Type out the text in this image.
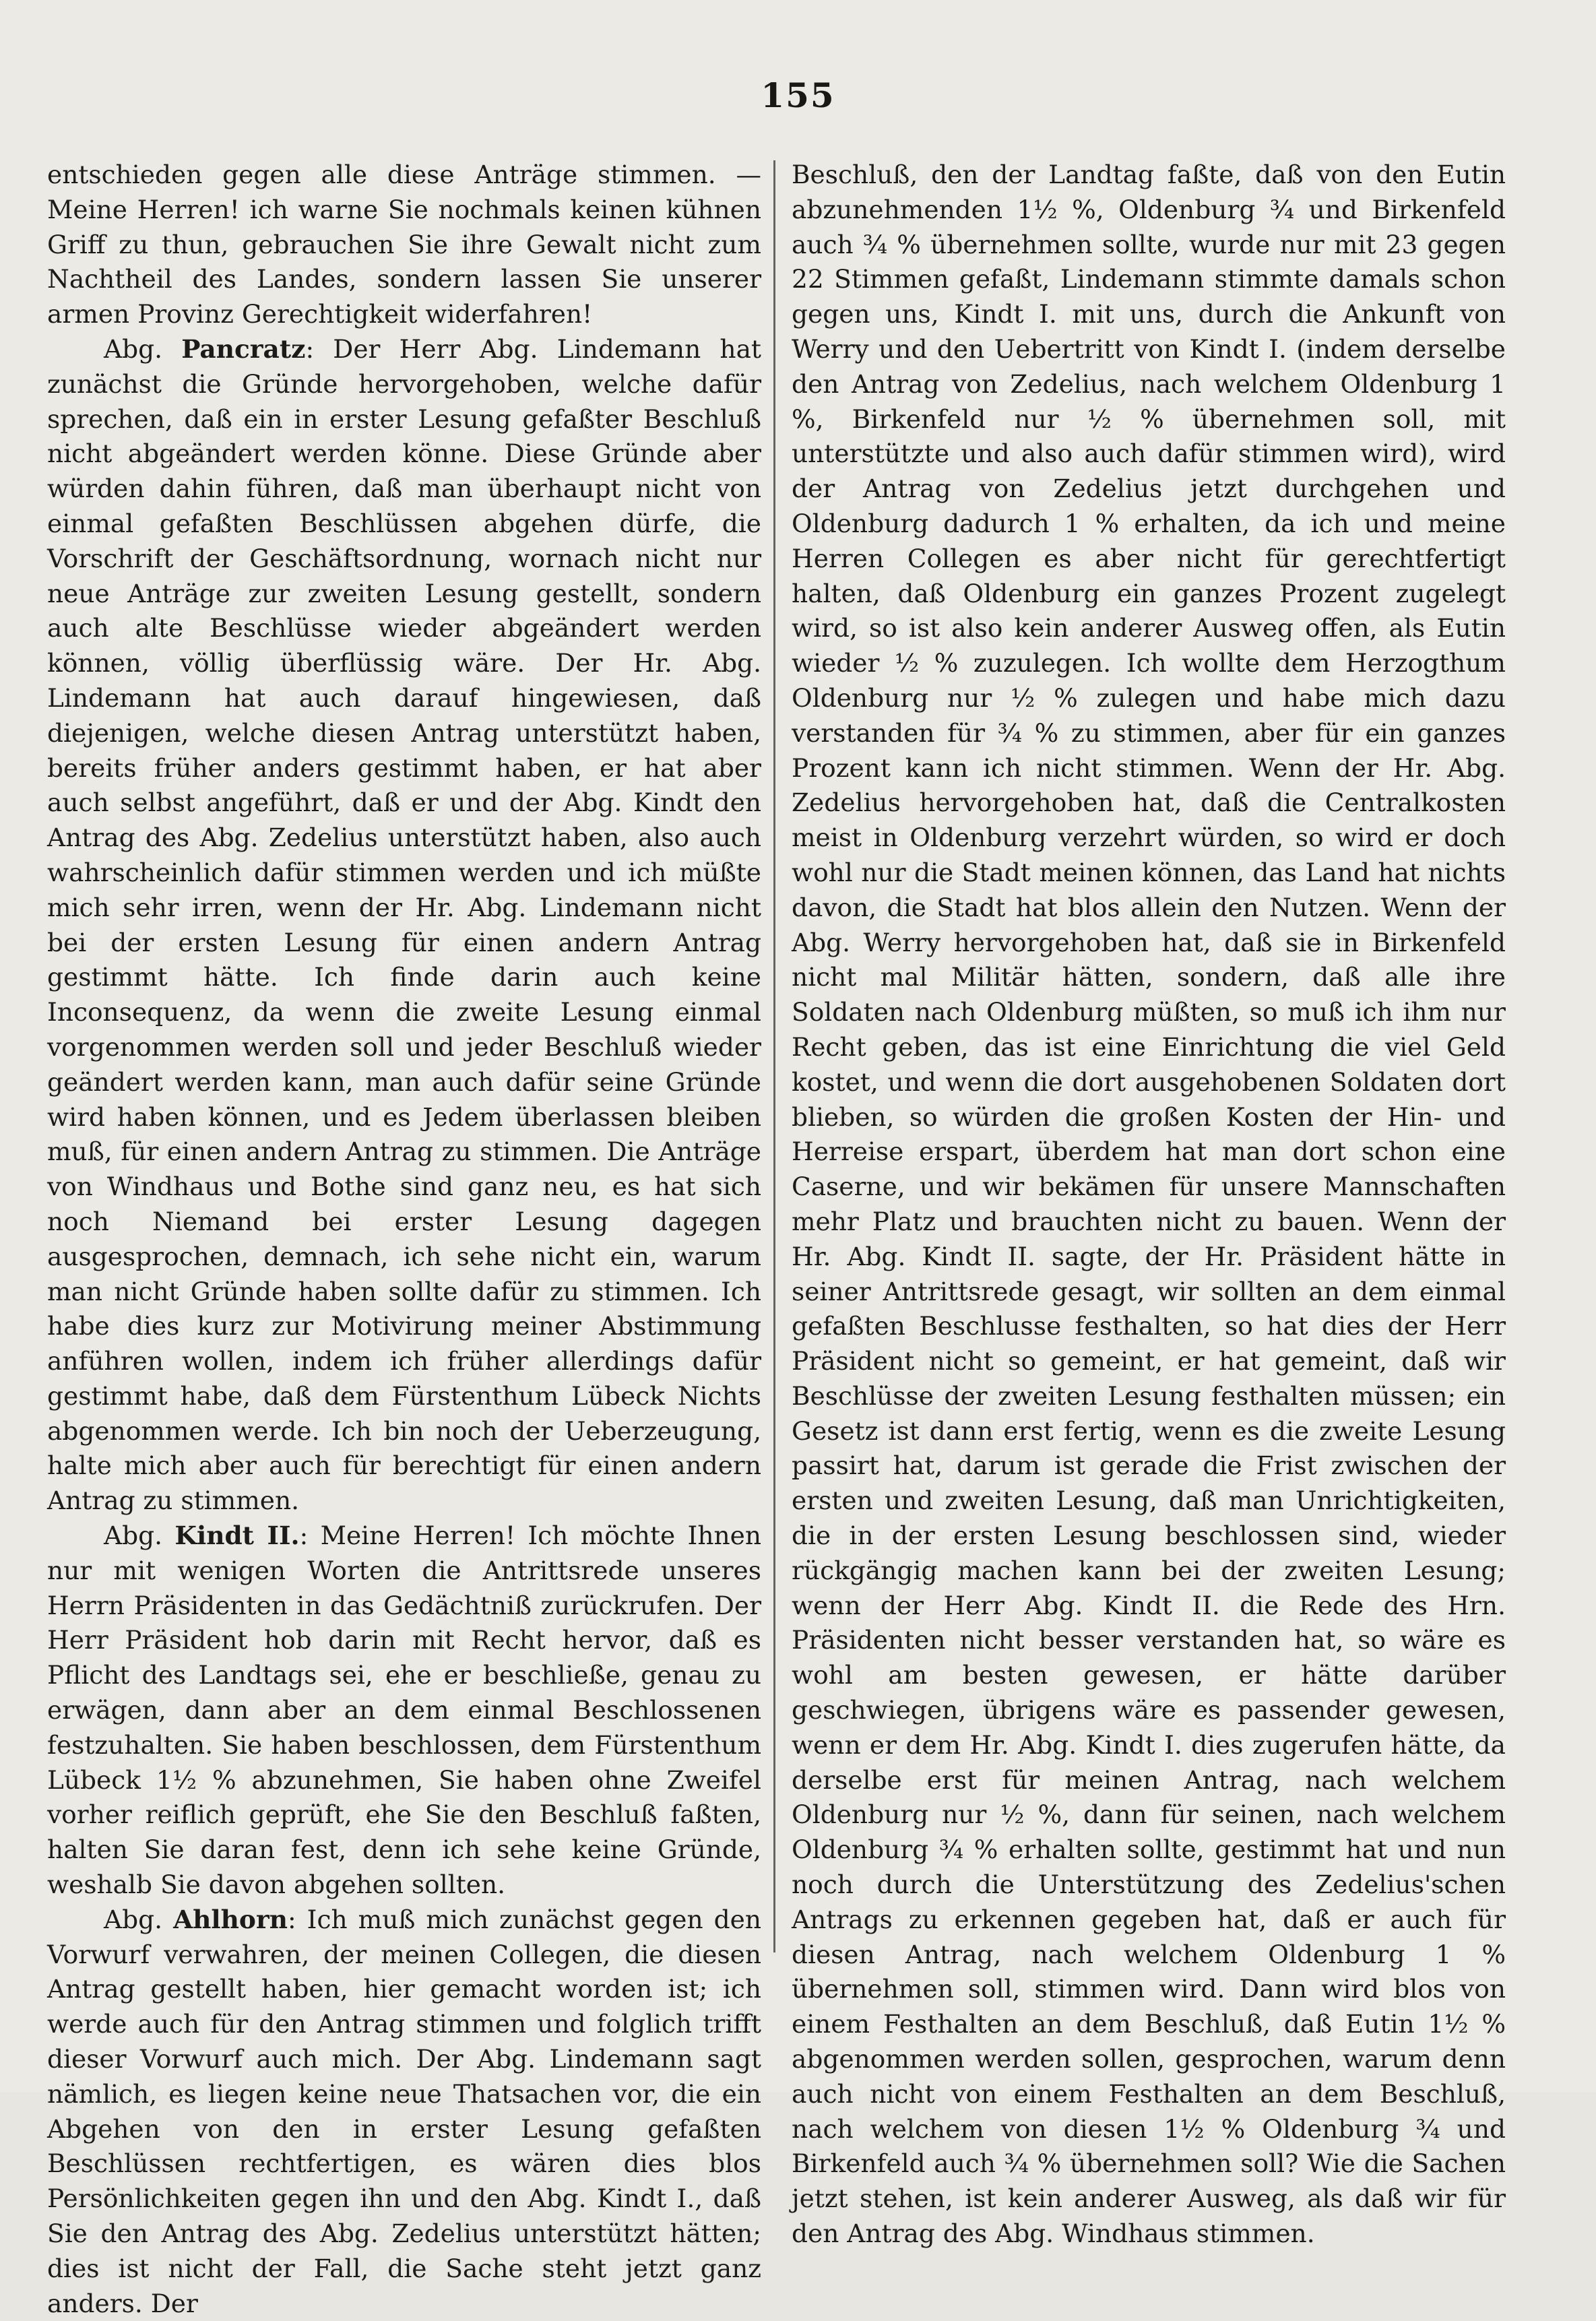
155

entschieden gegen alle diese Anträge stimmen. — Meine Herren! ich warne Sie nochmals keinen kühnen Griff zu thun, gebrauchen Sie ihre Gewalt nicht zum Nachtheil des Landes, sondern lassen Sie unserer armen Provinz Gerechtigkeit widerfahren!

Abg. Pancratz: Der Herr Abg. Lindemann hat zunächst die Gründe hervorgehoben, welche dafür sprechen, daß ein in erster Lesung gefaßter Beschluß nicht abgeändert werden könne. Diese Gründe aber würden dahin führen, daß man überhaupt nicht von einmal gefaßten Beschlüssen abgehen dürfe, die Vorschrift der Geschäftsordnung, wornach nicht nur neue Anträge zur zweiten Lesung gestellt, sondern auch alte Beschlüsse wieder abgeändert werden können, völlig überflüssig wäre. Der Hr. Abg. Lindemann hat auch darauf hingewiesen, daß diejenigen, welche diesen Antrag unterstützt haben, bereits früher anders gestimmt haben, er hat aber auch selbst angeführt, daß er und der Abg. Kindt den Antrag des Abg. Zedelius unterstützt haben, also auch wahrscheinlich dafür stimmen werden und ich müßte mich sehr irren, wenn der Hr. Abg. Lindemann nicht bei der ersten Lesung für einen andern Antrag gestimmt hätte. Ich finde darin auch keine Inconsequenz, da wenn die zweite Lesung einmal vorgenommen werden soll und jeder Beschluß wieder geändert werden kann, man auch dafür seine Gründe wird haben können, und es Jedem überlassen bleiben muß, für einen andern Antrag zu stimmen. Die Anträge von Windhaus und Bothe sind ganz neu, es hat sich noch Niemand bei erster Lesung dagegen ausgesprochen, demnach, ich sehe nicht ein, warum man nicht Gründe haben sollte dafür zu stimmen. Ich habe dies kurz zur Motivirung meiner Abstimmung anführen wollen, indem ich früher allerdings dafür gestimmt habe, daß dem Fürstenthum Lübeck Nichts abgenommen werde. Ich bin noch der Ueberzeugung, halte mich aber auch für berechtigt für einen andern Antrag zu stimmen.

Abg. Kindt II.: Meine Herren! Ich möchte Ihnen nur mit wenigen Worten die Antrittsrede unseres Herrn Präsidenten in das Gedächtniß zurückrufen. Der Herr Präsident hob darin mit Recht hervor, daß es Pflicht des Landtags sei, ehe er beschließe, genau zu erwägen, dann aber an dem einmal Beschlossenen festzuhalten. Sie haben beschlossen, dem Fürstenthum Lübeck 1½ % abzunehmen, Sie haben ohne Zweifel vorher reiflich geprüft, ehe Sie den Beschluß faßten, halten Sie daran fest, denn ich sehe keine Gründe, weshalb Sie davon abgehen sollten.

Abg. Ahlhorn: Ich muß mich zunächst gegen den Vorwurf verwahren, der meinen Collegen, die diesen Antrag gestellt haben, hier gemacht worden ist; ich werde auch für den Antrag stimmen und folglich trifft dieser Vorwurf auch mich. Der Abg. Lindemann sagt nämlich, es liegen keine neue Thatsachen vor, die ein Abgehen von den in erster Lesung gefaßten Beschlüssen rechtfertigen, es wären dies blos Persönlichkeiten gegen ihn und den Abg. Kindt I., daß Sie den Antrag des Abg. Zedelius unterstützt hätten; dies ist nicht der Fall, die Sache steht jetzt ganz anders. Der

Beschluß, den der Landtag faßte, daß von den Eutin abzunehmenden 1½ %, Oldenburg ¾ und Birkenfeld auch ¾ % übernehmen sollte, wurde nur mit 23 gegen 22 Stimmen gefaßt, Lindemann stimmte damals schon gegen uns, Kindt I. mit uns, durch die Ankunft von Werry und den Uebertritt von Kindt I. (indem derselbe den Antrag von Zedelius, nach welchem Oldenburg 1 %, Birkenfeld nur ½ % übernehmen soll, mit unterstützte und also auch dafür stimmen wird), wird der Antrag von Zedelius jetzt durchgehen und Oldenburg dadurch 1 % erhalten, da ich und meine Herren Collegen es aber nicht für gerechtfertigt halten, daß Oldenburg ein ganzes Prozent zugelegt wird, so ist also kein anderer Ausweg offen, als Eutin wieder ½ % zuzulegen. Ich wollte dem Herzogthum Oldenburg nur ½ % zulegen und habe mich dazu verstanden für ¾ % zu stimmen, aber für ein ganzes Prozent kann ich nicht stimmen. Wenn der Hr. Abg. Zedelius hervorgehoben hat, daß die Centralkosten meist in Oldenburg verzehrt würden, so wird er doch wohl nur die Stadt meinen können, das Land hat nichts davon, die Stadt hat blos allein den Nutzen. Wenn der Abg. Werry hervorgehoben hat, daß sie in Birkenfeld nicht mal Militär hätten, sondern, daß alle ihre Soldaten nach Oldenburg müßten, so muß ich ihm nur Recht geben, das ist eine Einrichtung die viel Geld kostet, und wenn die dort ausgehobenen Soldaten dort blieben, so würden die großen Kosten der Hin- und Herreise erspart, überdem hat man dort schon eine Caserne, und wir bekämen für unsere Mannschaften mehr Platz und brauchten nicht zu bauen. Wenn der Hr. Abg. Kindt II. sagte, der Hr. Präsident hätte in seiner Antrittsrede gesagt, wir sollten an dem einmal gefaßten Beschlusse festhalten, so hat dies der Herr Präsident nicht so gemeint, er hat gemeint, daß wir Beschlüsse der zweiten Lesung festhalten müssen; ein Gesetz ist dann erst fertig, wenn es die zweite Lesung passirt hat, darum ist gerade die Frist zwischen der ersten und zweiten Lesung, daß man Unrichtigkeiten, die in der ersten Lesung beschlossen sind, wieder rückgängig machen kann bei der zweiten Lesung; wenn der Herr Abg. Kindt II. die Rede des Hrn. Präsidenten nicht besser verstanden hat, so wäre es wohl am besten gewesen, er hätte darüber geschwiegen, übrigens wäre es passender gewesen, wenn er dem Hr. Abg. Kindt I. dies zugerufen hätte, da derselbe erst für meinen Antrag, nach welchem Oldenburg nur ½ %, dann für seinen, nach welchem Oldenburg ¾ % erhalten sollte, gestimmt hat und nun noch durch die Unterstützung des Zedelius'schen Antrags zu erkennen gegeben hat, daß er auch für diesen Antrag, nach welchem Oldenburg 1 % übernehmen soll, stimmen wird. Dann wird blos von einem Festhalten an dem Beschluß, daß Eutin 1½ % abgenommen werden sollen, gesprochen, warum denn auch nicht von einem Festhalten an dem Beschluß, nach welchem von diesen 1½ % Oldenburg ¾ und Birkenfeld auch ¾ % übernehmen soll? Wie die Sachen jetzt stehen, ist kein anderer Ausweg, als daß wir für den Antrag des Abg. Windhaus stimmen.
